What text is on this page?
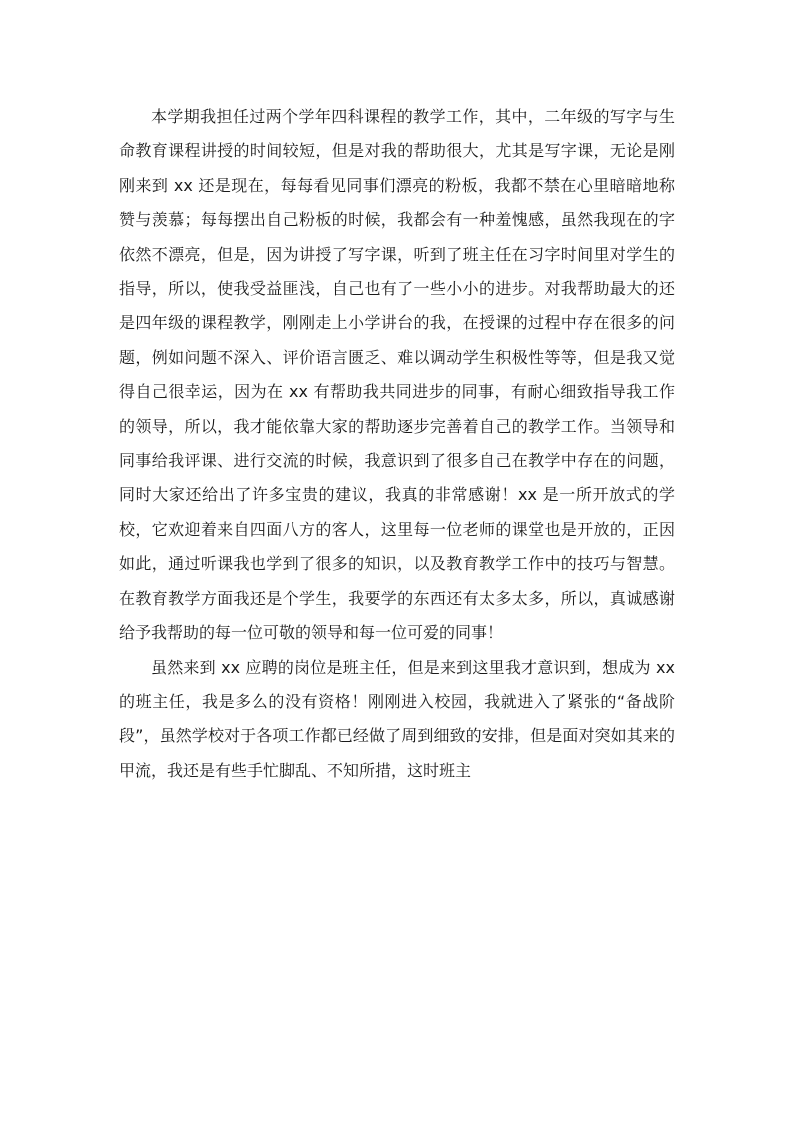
本学期我担任过两个学年四科课程的教学工作，其中，二年级的写字与生命教育课程讲授的时间较短，但是对我的帮助很大，尤其是写字课，无论是刚刚来到 xx 还是现在，每每看见同事们漂亮的粉板，我都不禁在心里暗暗地称赞与羡慕；每每摆出自己粉板的时候，我都会有一种羞愧感，虽然我现在的字依然不漂亮，但是，因为讲授了写字课，听到了班主任在习字时间里对学生的指导，所以，使我受益匪浅，自己也有了一些小小的进步。对我帮助最大的还是四年级的课程教学，刚刚走上小学讲台的我，在授课的过程中存在很多的问题，例如问题不深入、评价语言匮乏、难以调动学生积极性等等，但是我又觉得自己很幸运，因为在 xx 有帮助我共同进步的同事，有耐心细致指导我工作的领导，所以，我才能依靠大家的帮助逐步完善着自己的教学工作。当领导和同事给我评课、进行交流的时候，我意识到了很多自己在教学中存在的问题，同时大家还给出了许多宝贵的建议，我真的非常感谢！xx 是一所开放式的学校，它欢迎着来自四面八方的客人，这里每一位老师的课堂也是开放的，正因如此，通过听课我也学到了很多的知识，以及教育教学工作中的技巧与智慧。在教育教学方面我还是个学生，我要学的东西还有太多太多，所以，真诚感谢给予我帮助的每一位可敬的领导和每一位可爱的同事！

虽然来到 xx 应聘的岗位是班主任，但是来到这里我才意识到，想成为 xx 的班主任，我是多么的没有资格！刚刚进入校园，我就进入了紧张的“备战阶段”，虽然学校对于各项工作都已经做了周到细致的安排，但是面对突如其来的甲流，我还是有些手忙脚乱、不知所措，这时班主
